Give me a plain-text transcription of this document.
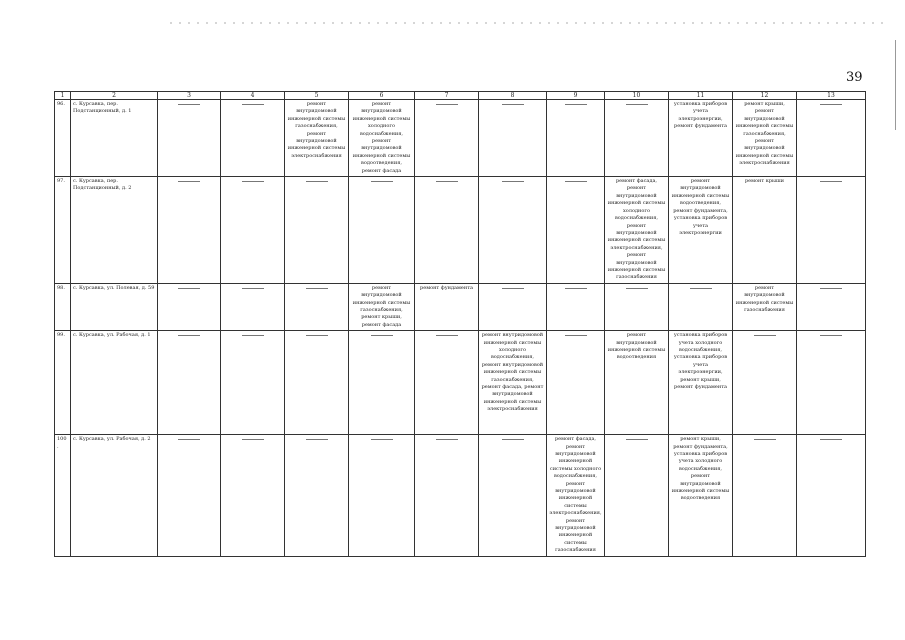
39
1	2	3	4	5	6	7	8	9	10	11	12	13
96.	с. Курсавка, пер. Подстанционный, д. 1			ремонт внутридомовой инженерной системы газоснабжения, ремонт внутридомовой инженерной системы электроснабжения	ремонт внутридомовой инженерной системы холодного водоснабжения, ремонт внутридомовой инженерной системы водоотведения, ремонт фасада					установка приборов учета электроэнергии, ремонт фундамента	ремонт крыши, ремонт внутридомовой инженерной системы газоснабжения, ремонт внутридомовой инженерной системы электроснабжения	

97.	с. Курсавка, пер. Подстанционный, д. 2								ремонт фасада, ремонт внутридомовой инженерной системы холодного водоснабжения, ремонт внутридомовой инженерной системы электроснабжения, ремонт внутридомовой инженерной системы газоснабжения	ремонт внутридомовой инженерной системы водоотведения, ремонт фундамента, установка приборов учета электроэнергии	ремонт крыши	

98.	с. Курсавка, ул. Полевая, д. 59				ремонт внутридомовой инженерной системы газоснабжения, ремонт крыши, ремонт фасада	ремонт фундамента					ремонт внутридомовой инженерной системы газоснабжения	

99.	с. Курсавка, ул. Рабочая, д. 1						ремонт внутридомовой инженерной системы холодного водоснабжения, ремонт внутридомовой инженерной системы газоснабжения, ремонт фасада, ремонт внутридомовой инженерной системы электроснабжения		ремонт внутридомовой инженерной системы водоотведения	установка приборов учета холодного водоснабжения, установка приборов учета электроэнергии, ремонт крыши, ремонт фундамента	

100.	с. Курсавка, ул. Рабочая, д. 2							ремонт фасада, ремонт внутридомовой инженерной системы холодного водоснабжения, ремонт внутридомовой инженерной системы электроснабжения, ремонт внутридомовой инженерной системы газоснабжения		ремонт крыши, ремонт фундамента, установка приборов учета холодного водоснабжения, ремонт внутридомовой инженерной системы водоотведения	
